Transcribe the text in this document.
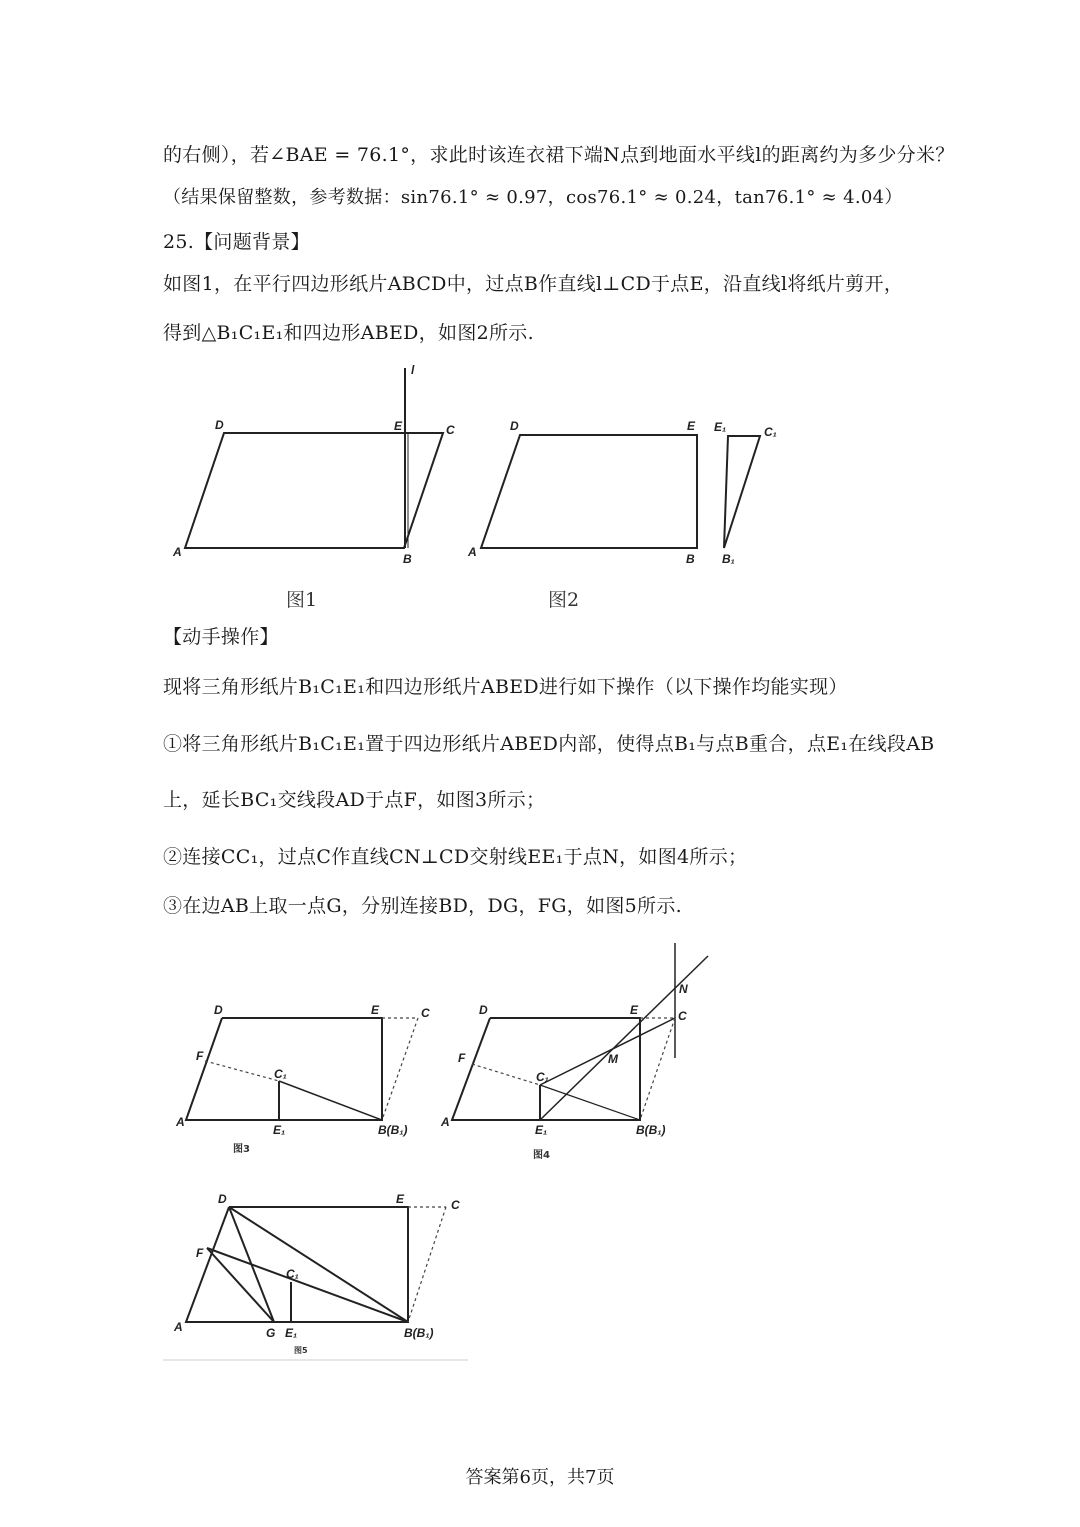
的右侧），若∠BAE = 76.1°，求此时该连衣裙下端N点到地面水平线l的距离约为多少分米？
（结果保留整数，参考数据：sin76.1° ≈ 0.97，cos76.1° ≈ 0.24，tan76.1° ≈ 4.04）
25.【问题背景】
如图1，在平行四边形纸片ABCD中，过点B作直线l⊥CD于点E，沿直线l将纸片剪开，
得到△B₁C₁E₁和四边形ABED，如图2所示.
A	B
C
D	E
l
A	B
D	E E₁	C₁
B₁
图1	图2
【动手操作】
现将三角形纸片B₁C₁E₁和四边形纸片ABED进行如下操作（以下操作均能实现）
①将三角形纸片B₁C₁E₁置于四边形纸片ABED内部，使得点B₁与点B重合，点E₁在线段AB
上，延长BC₁交线段AD于点F，如图3所示；
②连接CC₁，过点C作直线CN⊥CD交射线EE₁于点N，如图4所示；
③在边AB上取一点G，分别连接BD，DG，FG，如图5所示.
A
D	E	C
F
C₁
E₁	B(B₁)
图3
A
D	E	C
F
C₁
E₁	B(B₁)
M
N
图4
A
D	E	C
F
C₁
G E₁	B(B₁)
图5
答案第6页，共7页
